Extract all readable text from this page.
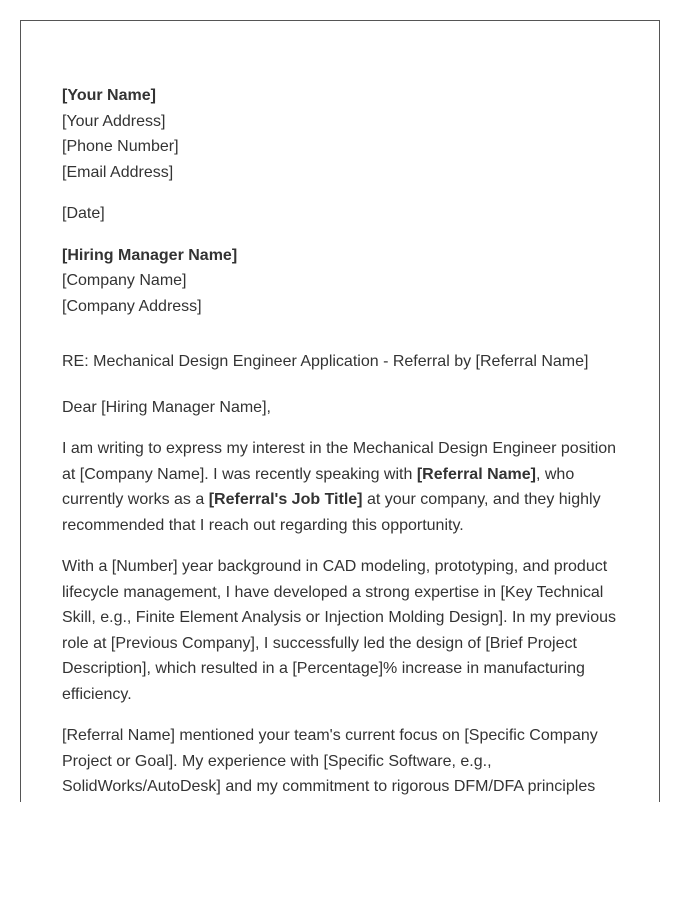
[Your Name]
[Your Address]
[Phone Number]
[Email Address]
[Date]
[Hiring Manager Name]
[Company Name]
[Company Address]
RE: Mechanical Design Engineer Application - Referral by [Referral Name]
Dear [Hiring Manager Name],
I am writing to express my interest in the Mechanical Design Engineer position
at [Company Name]. I was recently speaking with [Referral Name], who
currently works as a [Referral's Job Title] at your company, and they highly
recommended that I reach out regarding this opportunity.
With a [Number] year background in CAD modeling, prototyping, and product
lifecycle management, I have developed a strong expertise in [Key Technical
Skill, e.g., Finite Element Analysis or Injection Molding Design]. In my previous
role at [Previous Company], I successfully led the design of [Brief Project
Description], which resulted in a [Percentage]% increase in manufacturing
efficiency.
[Referral Name] mentioned your team's current focus on [Specific Company
Project or Goal]. My experience with [Specific Software, e.g.,
SolidWorks/AutoDesk] and my commitment to rigorous DFM/DFA principles
